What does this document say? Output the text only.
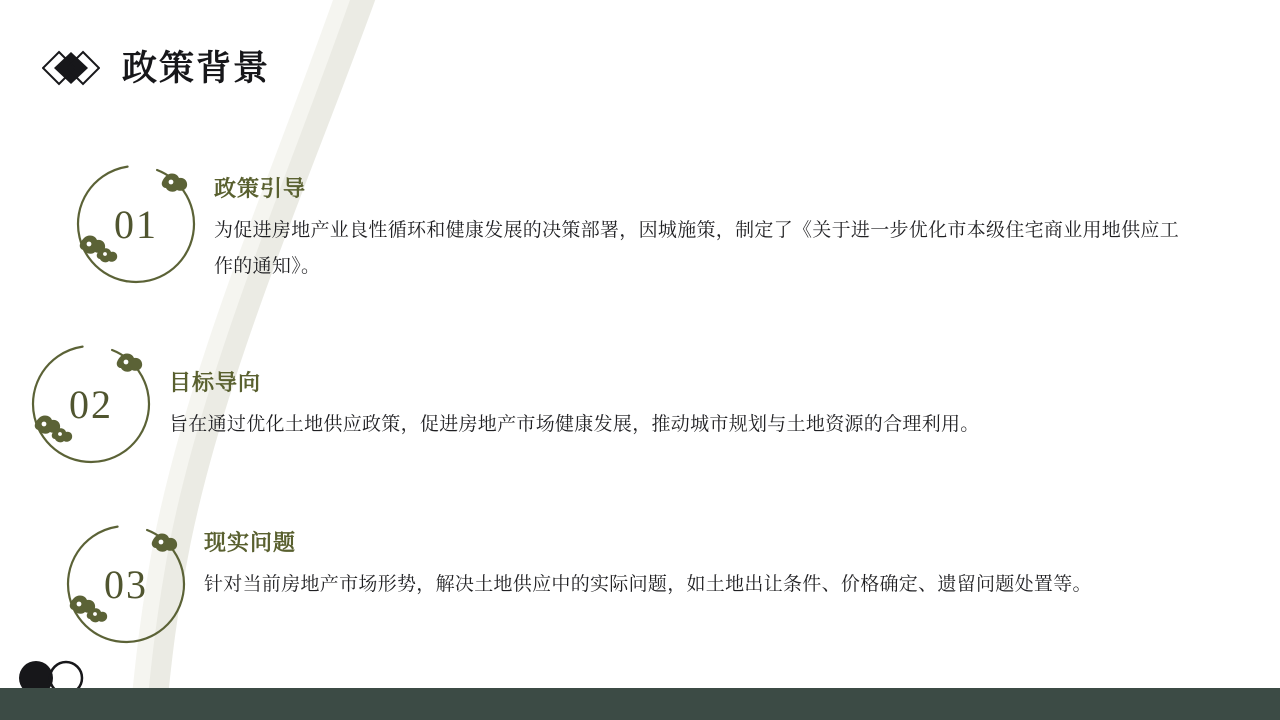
政策背景
01

政策引导

为促进房地产业良性循环和健康发展的决策部署，因城施策，制定了《关于进一步优化市本级住宅商业用地供应工作的通知》。

02	目标导向

旨在通过优化土地供应政策，促进房地产市场健康发展，推动城市规划与土地资源的合理利用。

03

现实问题

针对当前房地产市场形势，解决土地供应中的实际问题，如土地出让条件、价格确定、遗留问题处置等。
